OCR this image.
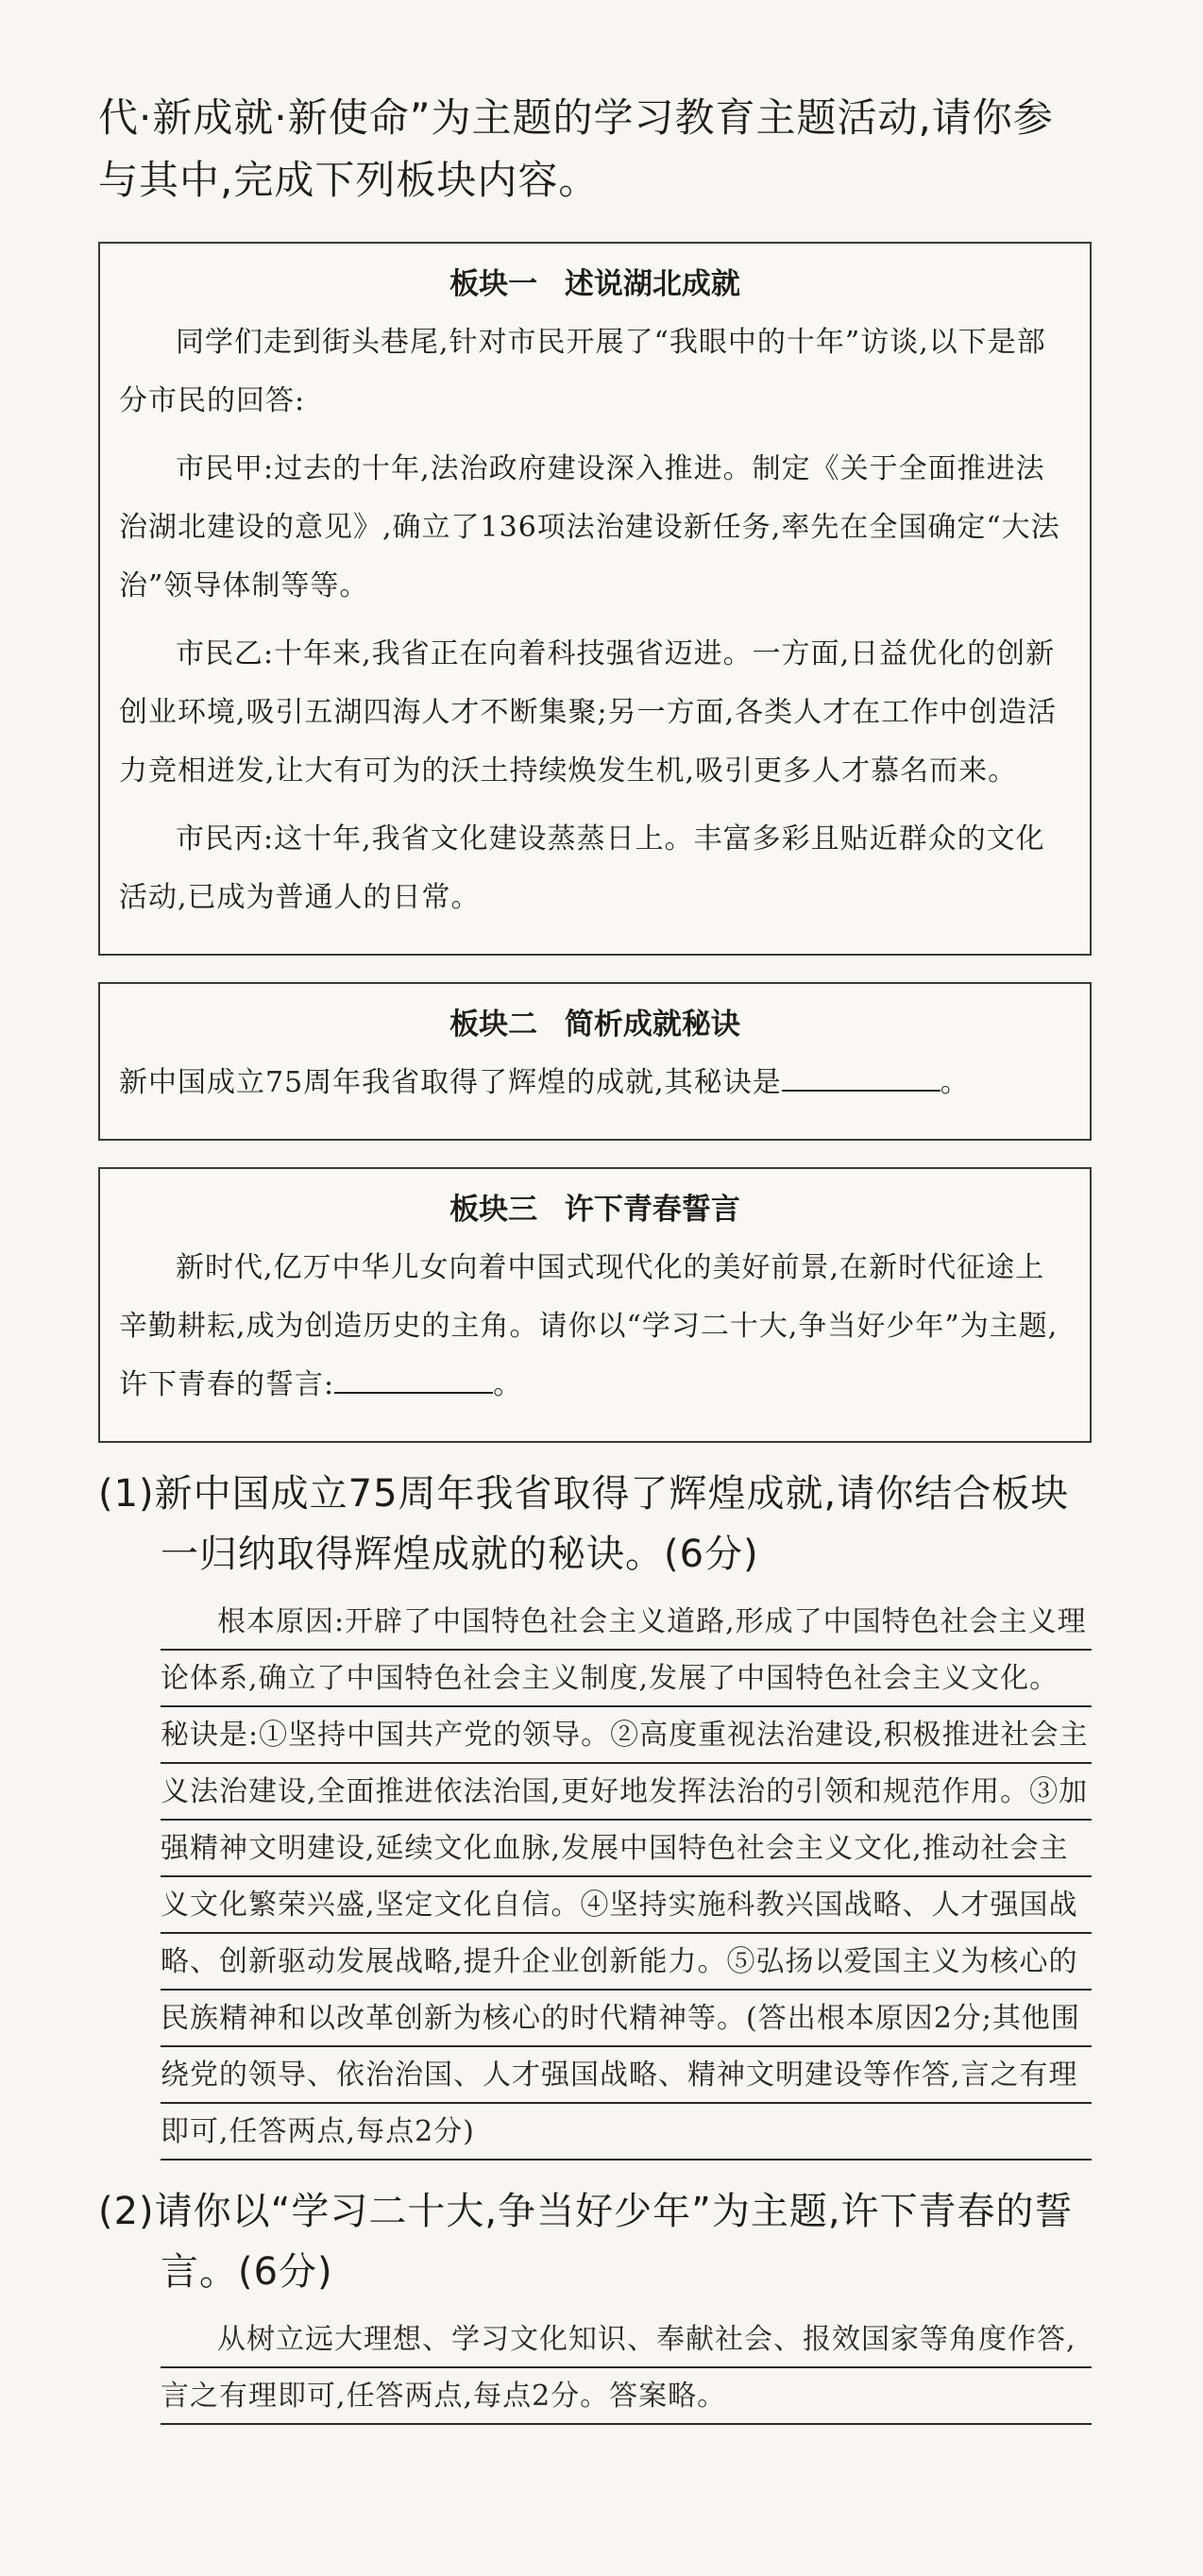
代·新成就·新使命”为主题的学习教育主题活动,请你参与其中,完成下列板块内容。
板块一 述说湖北成就

同学们走到街头巷尾,针对市民开展了“我眼中的十年”访谈,以下是部分市民的回答:

市民甲:过去的十年,法治政府建设深入推进。制定《关于全面推进法治湖北建设的意见》,确立了136项法治建设新任务,率先在全国确定“大法治”领导体制等等。

市民乙:十年来,我省正在向着科技强省迈进。一方面,日益优化的创新创业环境,吸引五湖四海人才不断集聚;另一方面,各类人才在工作中创造活力竞相迸发,让大有可为的沃土持续焕发生机,吸引更多人才慕名而来。

市民丙:这十年,我省文化建设蒸蒸日上。丰富多彩且贴近群众的文化活动,已成为普通人的日常。

板块二 简析成就秘诀

新中国成立75周年我省取得了辉煌的成就,其秘诀是	。

板块三 许下青春誓言

新时代,亿万中华儿女向着中国式现代化的美好前景,在新时代征途上辛勤耕耘,成为创造历史的主角。请你以“学习二十大,争当好少年”为主题,许下青春的誓言:	。

(1)新中国成立75周年我省取得了辉煌成就,请你结合板块一归纳取得辉煌成就的秘诀。(6分)
根本原因:开辟了中国特色社会主义道路,形成了中国特色社会主义理论体系,确立了中国特色社会主义制度,发展了中国特色社会主义文化。 秘诀是:①坚持中国共产党的领导。②高度重视法治建设,积极推进社会主义法治建设,全面推进依法治国,更好地发挥法治的引领和规范作用。③加强精神文明建设,延续文化血脉,发展中国特色社会主义文化,推动社会主义文化繁荣兴盛,坚定文化自信。④坚持实施科教兴国战略、人才强国战略、创新驱动发展战略,提升企业创新能力。⑤弘扬以爱国主义为核心的民族精神和以改革创新为核心的时代精神等。(答出根本原因2分;其他围绕党的领导、依治治国、人才强国战略、精神文明建设等作答,言之有理即可,任答两点,每点2分)
(2)请你以“学习二十大,争当好少年”为主题,许下青春的誓言。(6分)
从树立远大理想、学习文化知识、奉献社会、报效国家等角度作答,言之有理即可,任答两点,每点2分。答案略。
